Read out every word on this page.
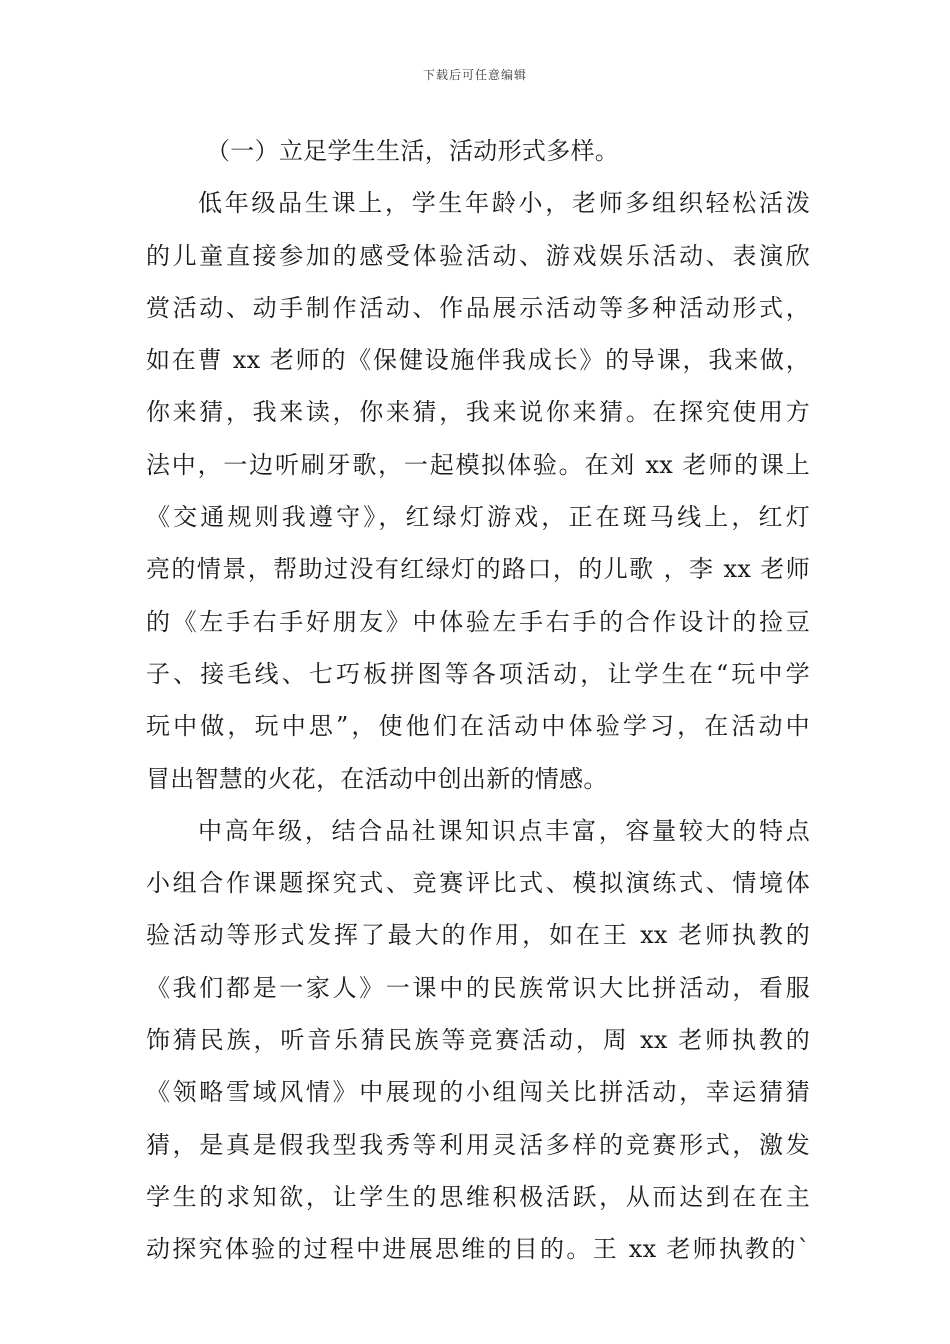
下载后可任意编辑
（一）立足学生生活，活动形式多样。
低年级品生课上，学生年龄小，老师多组织轻松活泼
的儿童直接参加的感受体验活动、游戏娱乐活动、表演欣
赏活动、动手制作活动、作品展示活动等多种活动形式，
如在曹 xx 老师的《保健设施伴我成长》的导课，我来做，
你来猜，我来读，你来猜，我来说你来猜。在探究使用方
法中，一边听刷牙歌，一起模拟体验。在刘 xx 老师的课上
《交通规则我遵守》，红绿灯游戏，正在斑马线上，红灯
亮的情景，帮助过没有红绿灯的路口，的儿歌 ，李 xx 老师
的《左手右手好朋友》中体验左手右手的合作设计的捡豆
子、接毛线、七巧板拼图等各项活动，让学生在“玩中学
玩中做，玩中思”，使他们在活动中体验学习，在活动中
冒出智慧的火花，在活动中创出新的情感。
中高年级，结合品社课知识点丰富，容量较大的特点
小组合作课题探究式、竞赛评比式、模拟演练式、情境体
验活动等形式发挥了最大的作用，如在王 xx 老师执教的
《我们都是一家人》一课中的民族常识大比拼活动，看服
饰猜民族，听音乐猜民族等竞赛活动，周 xx 老师执教的
《领略雪域风情》中展现的小组闯关比拼活动，幸运猜猜
猜，是真是假我型我秀等利用灵活多样的竞赛形式，激发
学生的求知欲，让学生的思维积极活跃，从而达到在在主
动探究体验的过程中进展思维的目的。王 xx 老师执教的`
